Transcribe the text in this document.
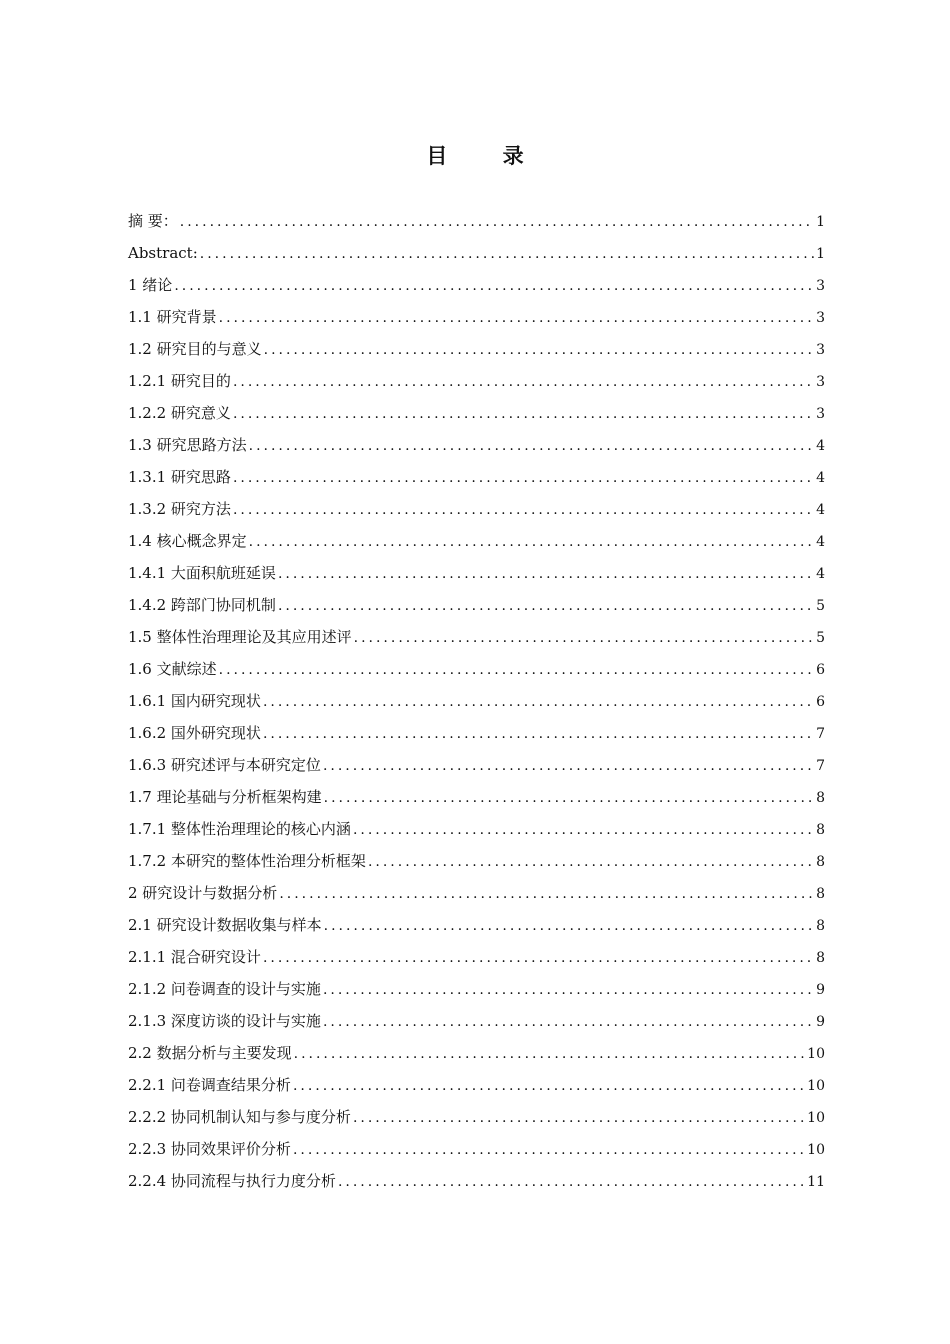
目 录
摘 要： .....	1
Abstract: .....	1
1 绪论 .....	3
1.1 研究背景 .....	3
1.2 研究目的与意义 .....	3
1.2.1 研究目的 .....	3
1.2.2 研究意义 .....	3
1.3 研究思路方法 .....	4
1.3.1 研究思路 .....	4
1.3.2 研究方法 .....	4
1.4 核心概念界定 .....	4
1.4.1 大面积航班延误 .....	4
1.4.2 跨部门协同机制 .....	5
1.5 整体性治理理论及其应用述评 .....	5
1.6 文献综述 .....	6
1.6.1 国内研究现状 .....	6
1.6.2 国外研究现状 .....	7
1.6.3 研究述评与本研究定位 .....	7
1.7 理论基础与分析框架构建 .....	8
1.7.1 整体性治理理论的核心内涵 .....	8
1.7.2 本研究的整体性治理分析框架 .....	8
2 研究设计与数据分析 .....	8
2.1 研究设计数据收集与样本 .....	8
2.1.1 混合研究设计 .....	8
2.1.2 问卷调查的设计与实施 .....	9
2.1.3 深度访谈的设计与实施 .....	9
2.2 数据分析与主要发现 .....	10
2.2.1 问卷调查结果分析 .....	10
2.2.2 协同机制认知与参与度分析 .....	10
2.2.3 协同效果评价分析 .....	10
2.2.4 协同流程与执行力度分析 .....	11
